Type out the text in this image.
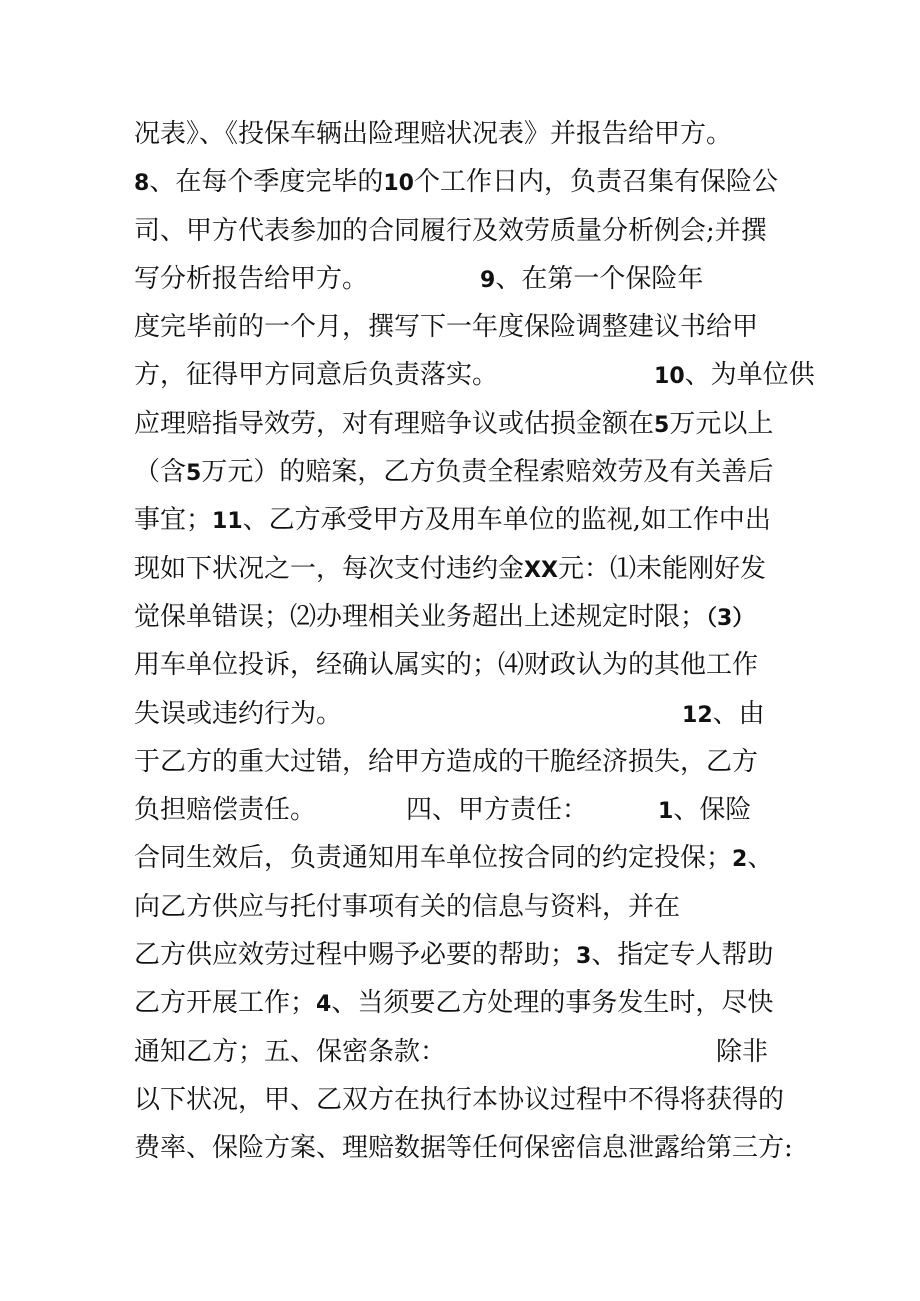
况表》、《投保车辆出险理赔状况表》并报告给甲方。
8、在每个季度完毕的10个工作日内，负责召集有保险公
司、甲方代表参加的合同履行及效劳质量分析例会;并撰
写分析报告给甲方。	9、在第一个保险年
度完毕前的一个月，撰写下一年度保险调整建议书给甲
方，征得甲方同意后负责落实。	10、为单位供
应理赔指导效劳，对有理赔争议或估损金额在5万元以上
（含5万元）的赔案，乙方负责全程索赔效劳及有关善后
事宜；11、乙方承受甲方及用车单位的监视,如工作中出
现如下状况之一，每次支付违约金XX元：⑴未能刚好发
觉保单错误；⑵办理相关业务超出上述规定时限；（3）
用车单位投诉，经确认属实的；⑷财政认为的其他工作
失误或违约行为。	12、由
于乙方的重大过错，给甲方造成的干脆经济损失，乙方
负担赔偿责任。	四、甲方责任：	1、保险
合同生效后，负责通知用车单位按合同的约定投保；2、
向乙方供应与托付事项有关的信息与资料，并在
乙方供应效劳过程中赐予必要的帮助；3、指定专人帮助
乙方开展工作；4、当须要乙方处理的事务发生时，尽快
通知乙方；五、保密条款：	除非
以下状况，甲、乙双方在执行本协议过程中不得将获得的
费率、保险方案、理赔数据等任何保密信息泄露给第三方:
